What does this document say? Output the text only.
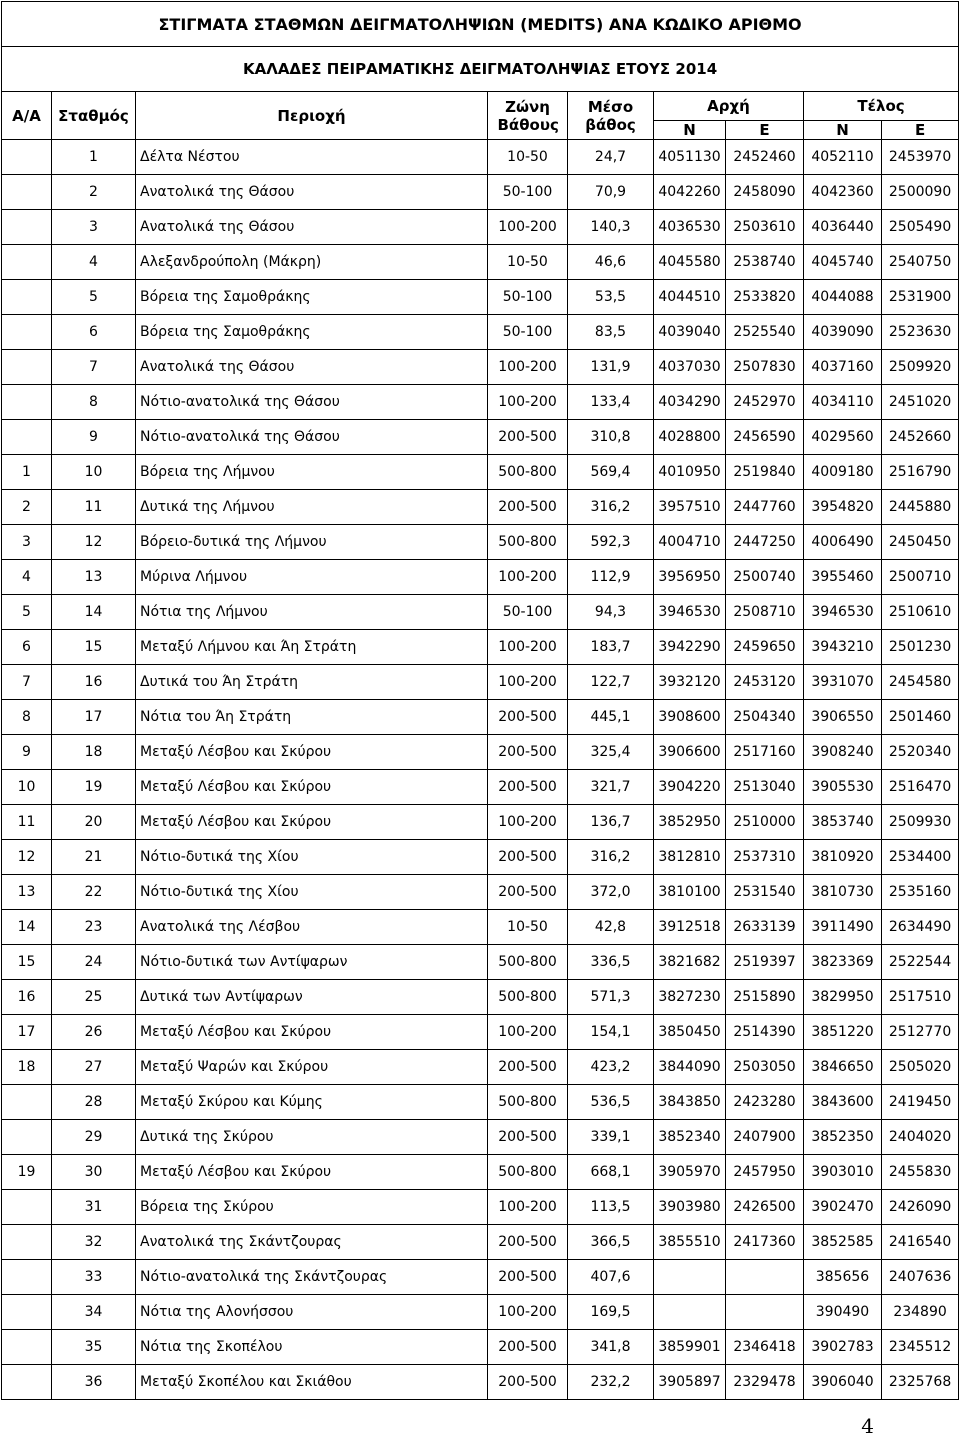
ΣΤΙΓΜΑΤΑ ΣΤΑΘΜΩΝ ΔΕΙΓΜΑΤΟΛΗΨΙΩΝ (MEDITS) ΑΝΑ ΚΩΔΙΚΟ ΑΡΙΘΜΟ								
ΚΑΛΑΔΕΣ ΠΕΙΡΑΜΑΤΙΚΗΣ ΔΕΙΓΜΑΤΟΛΗΨΙΑΣ ΕΤΟΥΣ 2014								
Α/Α	Σταθμός	Περιοχή	Ζώνη Βάθους	Μέσο βάθος	Αρχή		Τέλος	
					N	E	N	E
	1	Δέλτα Νέστου	10-50	24,7	4051130	2452460	4052110	2453970
	2	Ανατολικά της Θάσου	50-100	70,9	4042260	2458090	4042360	2500090
	3	Ανατολικά της Θάσου	100-200	140,3	4036530	2503610	4036440	2505490
	4	Αλεξανδρούπολη (Μάκρη)	10-50	46,6	4045580	2538740	4045740	2540750
	5	Βόρεια της Σαμοθράκης	50-100	53,5	4044510	2533820	4044088	2531900
	6	Βόρεια της Σαμοθράκης	50-100	83,5	4039040	2525540	4039090	2523630
	7	Ανατολικά της Θάσου	100-200	131,9	4037030	2507830	4037160	2509920
	8	Νότιο-ανατολικά της Θάσου	100-200	133,4	4034290	2452970	4034110	2451020
	9	Νότιο-ανατολικά της Θάσου	200-500	310,8	4028800	2456590	4029560	2452660
1	10	Βόρεια της Λήμνου	500-800	569,4	4010950	2519840	4009180	2516790
2	11	Δυτικά της Λήμνου	200-500	316,2	3957510	2447760	3954820	2445880
3	12	Βόρειο-δυτικά της Λήμνου	500-800	592,3	4004710	2447250	4006490	2450450
4	13	Μύρινα Λήμνου	100-200	112,9	3956950	2500740	3955460	2500710
5	14	Νότια της Λήμνου	50-100	94,3	3946530	2508710	3946530	2510610
6	15	Μεταξύ Λήμνου και Άη Στράτη	100-200	183,7	3942290	2459650	3943210	2501230
7	16	Δυτικά του Άη Στράτη	100-200	122,7	3932120	2453120	3931070	2454580
8	17	Νότια του Άη Στράτη	200-500	445,1	3908600	2504340	3906550	2501460
9	18	Μεταξύ Λέσβου και Σκύρου	200-500	325,4	3906600	2517160	3908240	2520340
10	19	Μεταξύ Λέσβου και Σκύρου	200-500	321,7	3904220	2513040	3905530	2516470
11	20	Μεταξύ Λέσβου και Σκύρου	100-200	136,7	3852950	2510000	3853740	2509930
12	21	Νότιο-δυτικά της Χίου	200-500	316,2	3812810	2537310	3810920	2534400
13	22	Νότιο-δυτικά της Χίου	200-500	372,0	3810100	2531540	3810730	2535160
14	23	Ανατολικά της Λέσβου	10-50	42,8	3912518	2633139	3911490	2634490
15	24	Νότιο-δυτικά των Αντίψαρων	500-800	336,5	3821682	2519397	3823369	2522544
16	25	Δυτικά των Αντίψαρων	500-800	571,3	3827230	2515890	3829950	2517510
17	26	Μεταξύ Λέσβου και Σκύρου	100-200	154,1	3850450	2514390	3851220	2512770
18	27	Μεταξύ Ψαρών και Σκύρου	200-500	423,2	3844090	2503050	3846650	2505020
	28	Μεταξύ Σκύρου και Κύμης	500-800	536,5	3843850	2423280	3843600	2419450
	29	Δυτικά της Σκύρου	200-500	339,1	3852340	2407900	3852350	2404020
19	30	Μεταξύ Λέσβου και Σκύρου	500-800	668,1	3905970	2457950	3903010	2455830
	31	Βόρεια της Σκύρου	100-200	113,5	3903980	2426500	3902470	2426090
	32	Ανατολικά της Σκάντζουρας	200-500	366,5	3855510	2417360	3852585	2416540
	33	Νότιο-ανατολικά της Σκάντζουρας	200-500	407,6			385656	2407636
	34	Νότια της Αλονήσσου	100-200	169,5			390490	234890
	35	Νότια της Σκοπέλου	200-500	341,8	3859901	2346418	3902783	2345512
	36	Μεταξύ Σκοπέλου και Σκιάθου	200-500	232,2	3905897	2329478	3906040	2325768
4
